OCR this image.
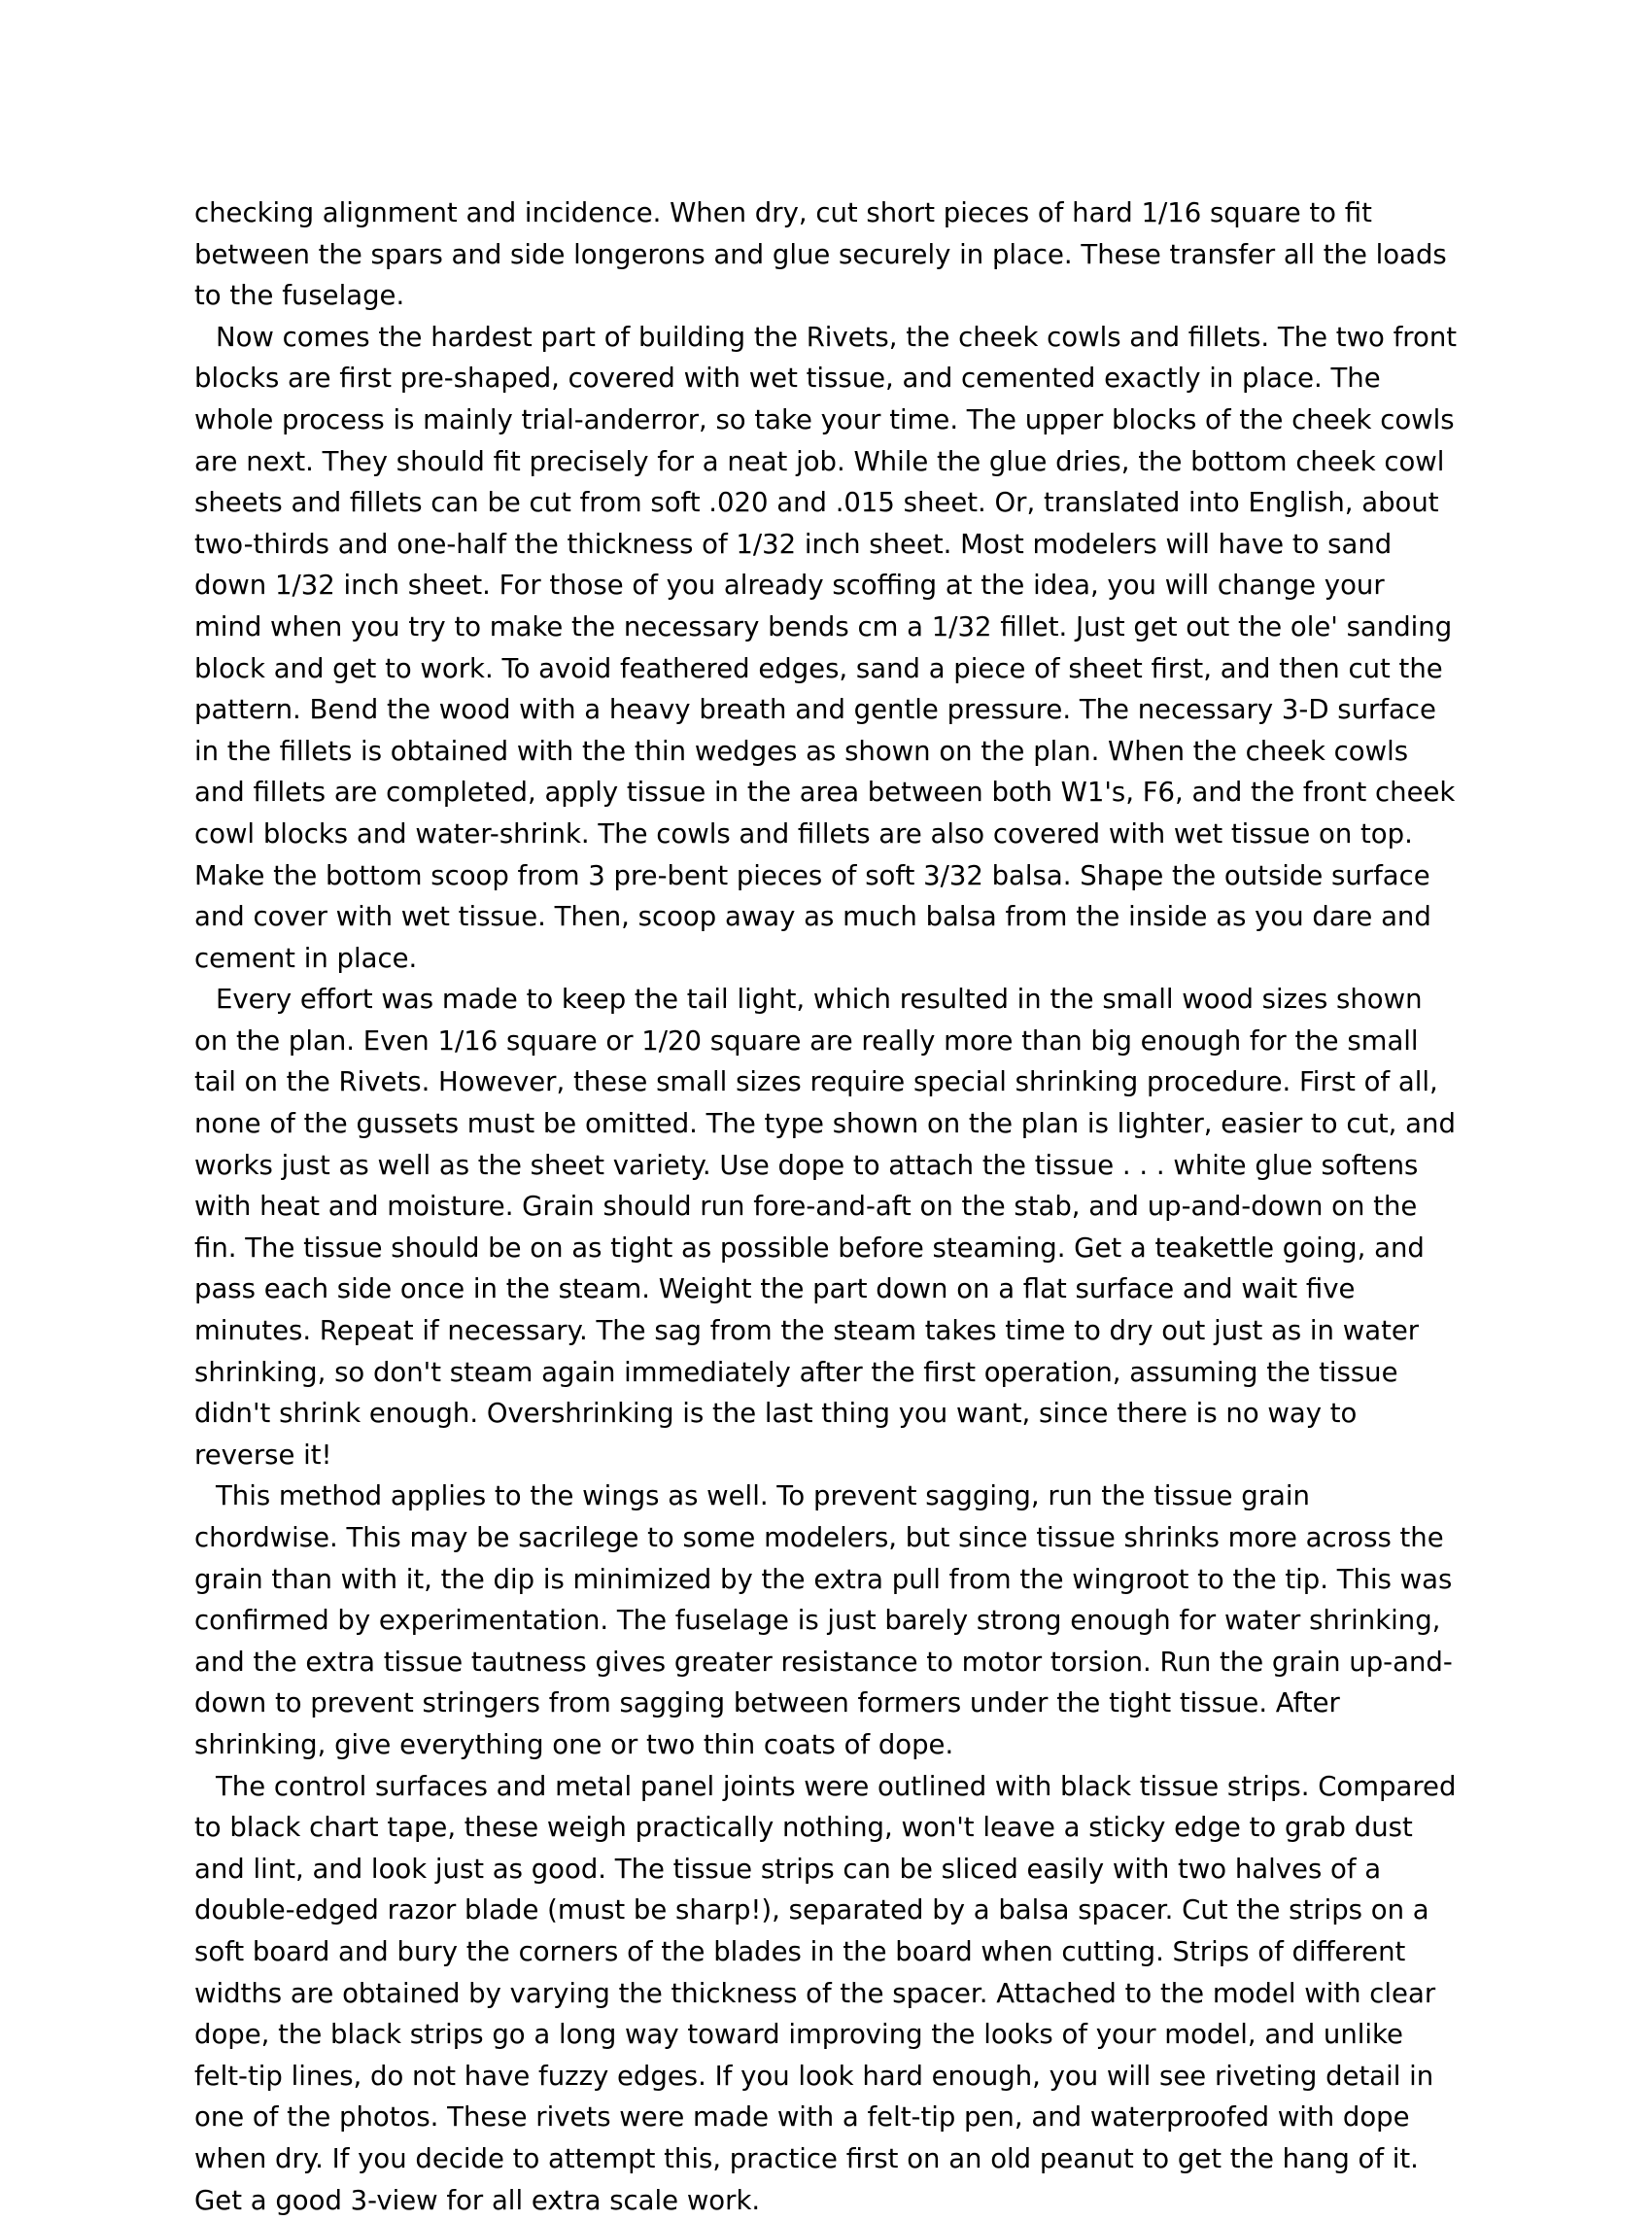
checking alignment and incidence. When dry, cut short pieces of hard 1/16 square to fit between the spars and side longerons and glue securely in place. These transfer all the loads to the fuselage.

Now comes the hardest part of building the Rivets, the cheek cowls and fillets. The two front blocks are first pre-shaped, covered with wet tissue, and cemented exactly in place. The whole process is mainly trial-anderror, so take your time. The upper blocks of the cheek cowls are next. They should fit precisely for a neat job. While the glue dries, the bottom cheek cowl sheets and fillets can be cut from soft .020 and .015 sheet. Or, translated into English, about two-thirds and one-half the thickness of 1/32 inch sheet. Most modelers will have to sand down 1/32 inch sheet. For those of you already scoffing at the idea, you will change your mind when you try to make the necessary bends cm a 1/32 fillet. Just get out the ole' sanding block and get to work. To avoid feathered edges, sand a piece of sheet first, and then cut the pattern. Bend the wood with a heavy breath and gentle pressure. The necessary 3-D surface in the fillets is obtained with the thin wedges as shown on the plan. When the cheek cowls and fillets are completed, apply tissue in the area between both W1's, F6, and the front cheek cowl blocks and water-shrink. The cowls and fillets are also covered with wet tissue on top. Make the bottom scoop from 3 pre-bent pieces of soft 3/32 balsa. Shape the outside surface and cover with wet tissue. Then, scoop away as much balsa from the inside as you dare and cement in place.

Every effort was made to keep the tail light, which resulted in the small wood sizes shown on the plan. Even 1/16 square or 1/20 square are really more than big enough for the small tail on the Rivets. However, these small sizes require special shrinking procedure. First of all, none of the gussets must be omitted. The type shown on the plan is lighter, easier to cut, and works just as well as the sheet variety. Use dope to attach the tissue . . . white glue softens with heat and moisture. Grain should run fore-and-aft on the stab, and up-and-down on the fin. The tissue should be on as tight as possible before steaming. Get a teakettle going, and pass each side once in the steam. Weight the part down on a flat surface and wait five minutes. Repeat if necessary. The sag from the steam takes time to dry out just as in water shrinking, so don't steam again immediately after the first operation, assuming the tissue didn't shrink enough. Overshrinking is the last thing you want, since there is no way to reverse it!

This method applies to the wings as well. To prevent sagging, run the tissue grain chordwise. This may be sacrilege to some modelers, but since tissue shrinks more across the grain than with it, the dip is minimized by the extra pull from the wingroot to the tip. This was confirmed by experimentation. The fuselage is just barely strong enough for water shrinking, and the extra tissue tautness gives greater resistance to motor torsion. Run the grain up-and-down to prevent stringers from sagging between formers under the tight tissue. After shrinking, give everything one or two thin coats of dope.

The control surfaces and metal panel joints were outlined with black tissue strips. Compared to black chart tape, these weigh practically nothing, won't leave a sticky edge to grab dust and lint, and look just as good. The tissue strips can be sliced easily with two halves of a double-edged razor blade (must be sharp!), separated by a balsa spacer. Cut the strips on a soft board and bury the corners of the blades in the board when cutting. Strips of different widths are obtained by varying the thickness of the spacer. Attached to the model with clear dope, the black strips go a long way toward improving the looks of your model, and unlike felt-tip lines, do not have fuzzy edges. If you look hard enough, you will see riveting detail in one of the photos. These rivets were made with a felt-tip pen, and waterproofed with dope when dry. If you decide to attempt this, practice first on an old peanut to get the hang of it. Get a good 3-view for all extra scale work.
